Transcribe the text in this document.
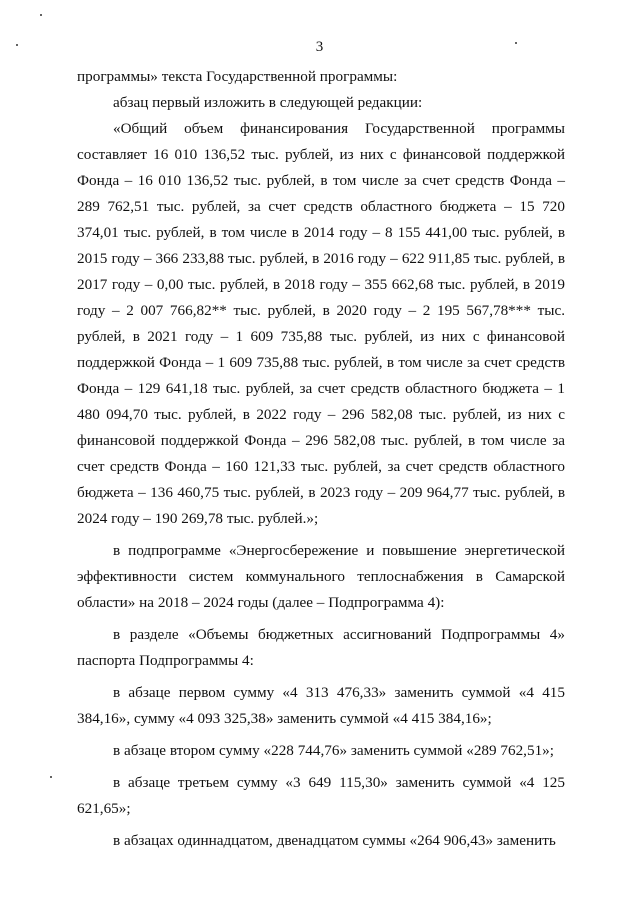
3

программы» текста Государственной программы:

абзац первый изложить в следующей редакции:

«Общий объем финансирования Государственной программы составляет 16 010 136,52 тыс. рублей, из них с финансовой поддержкой Фонда – 16 010 136,52 тыс. рублей, в том числе за счет средств Фонда – 289 762,51 тыс. рублей, за счет средств областного бюджета – 15 720 374,01 тыс. рублей, в том числе в 2014 году – 8 155 441,00 тыс. рублей, в 2015 году – 366 233,88 тыс. рублей, в 2016 году – 622 911,85 тыс. рублей, в 2017 году – 0,00 тыс. рублей, в 2018 году – 355 662,68 тыс. рублей, в 2019 году – 2 007 766,82** тыс. рублей, в 2020 году – 2 195 567,78*** тыс. рублей, в 2021 году – 1 609 735,88 тыс. рублей, из них с финансовой поддержкой Фонда – 1 609 735,88 тыс. рублей, в том числе за счет средств Фонда – 129 641,18 тыс. рублей, за счет средств областного бюджета – 1 480 094,70 тыс. рублей, в 2022 году – 296 582,08 тыс. рублей, из них с финансовой поддержкой Фонда – 296 582,08 тыс. рублей, в том числе за счет средств Фонда – 160 121,33 тыс. рублей, за счет средств областного бюджета – 136 460,75 тыс. рублей, в 2023 году – 209 964,77 тыс. рублей, в 2024 году – 190 269,78 тыс. рублей.»;

в подпрограмме «Энергосбережение и повышение энергетической эффективности систем коммунального теплоснабжения в Самарской области» на 2018 – 2024 годы (далее – Подпрограмма 4):

в разделе «Объемы бюджетных ассигнований Подпрограммы 4» паспорта Подпрограммы 4:

в абзаце первом сумму «4 313 476,33» заменить суммой «4 415 384,16», сумму «4 093 325,38» заменить суммой «4 415 384,16»;

в абзаце втором сумму «228 744,76» заменить суммой «289 762,51»;

в абзаце третьем сумму «3 649 115,30» заменить суммой «4 125 621,65»;

в абзацах одиннадцатом, двенадцатом суммы «264 906,43» заменить
